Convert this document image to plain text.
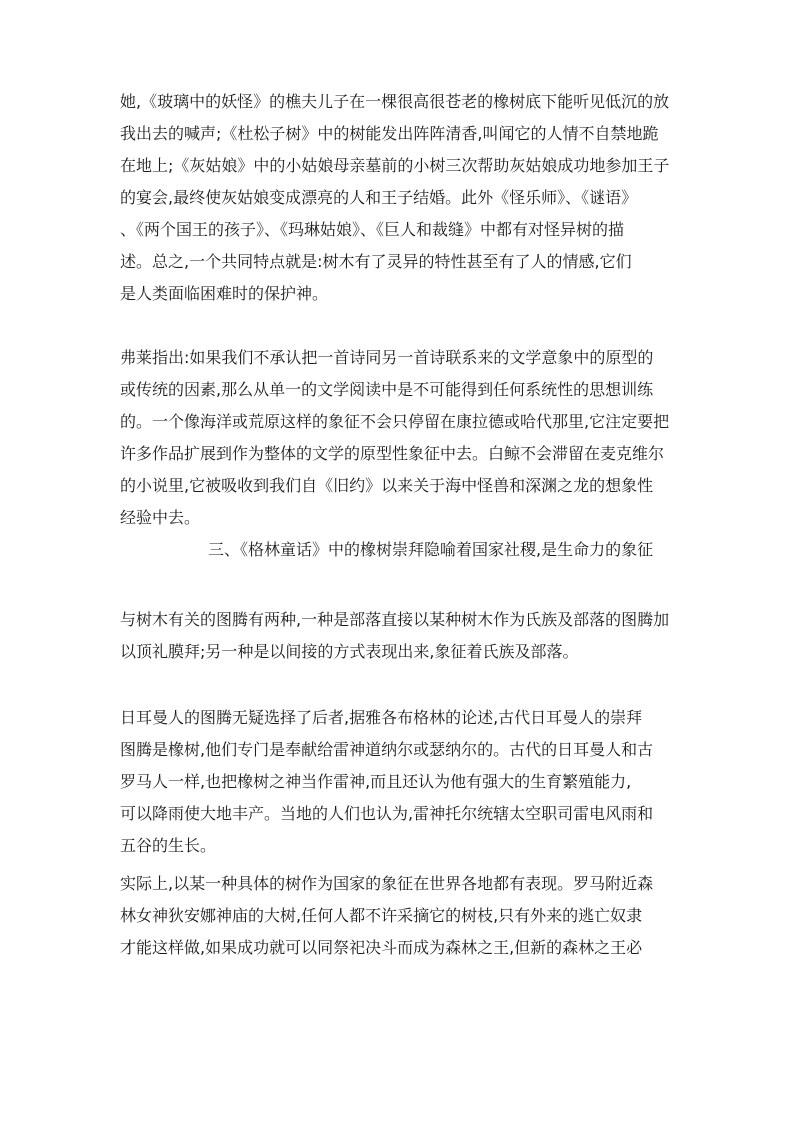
她,《玻璃中的妖怪》的樵夫儿子在一棵很高很苍老的橡树底下能听见低沉的放
我出去的喊声;《杜松子树》中的树能发出阵阵清香,叫闻它的人情不自禁地跪
在地上;《灰姑娘》中的小姑娘母亲墓前的小树三次帮助灰姑娘成功地参加王子
的宴会,最终使灰姑娘变成漂亮的人和王子结婚。此外《怪乐师》、《谜语》
、《两个国王的孩子》、《玛琳姑娘》、《巨人和裁缝》中都有对怪异树的描
述。总之,一个共同特点就是:树木有了灵异的特性甚至有了人的情感,它们
是人类面临困难时的保护神。
弗莱指出:如果我们不承认把一首诗同另一首诗联系来的文学意象中的原型的
或传统的因素,那么从单一的文学阅读中是不可能得到任何系统性的思想训练
的。一个像海洋或荒原这样的象征不会只停留在康拉德或哈代那里,它注定要把
许多作品扩展到作为整体的文学的原型性象征中去。白鲸不会滞留在麦克维尔
的小说里,它被吸收到我们自《旧约》以来关于海中怪兽和深渊之龙的想象性
经验中去。
三、《格林童话》中的橡树崇拜隐喻着国家社稷,是生命力的象征
与树木有关的图腾有两种,一种是部落直接以某种树木作为氏族及部落的图腾加
以顶礼膜拜;另一种是以间接的方式表现出来,象征着氏族及部落。
日耳曼人的图腾无疑选择了后者,据雅各布格林的论述,古代日耳曼人的崇拜
图腾是橡树,他们专门是奉献给雷神道纳尔或瑟纳尔的。古代的日耳曼人和古
罗马人一样,也把橡树之神当作雷神,而且还认为他有强大的生育繁殖能力,
可以降雨使大地丰产。当地的人们也认为,雷神托尔统辖太空职司雷电风雨和
五谷的生长。
实际上,以某一种具体的树作为国家的象征在世界各地都有表现。罗马附近森
林女神狄安娜神庙的大树,任何人都不许采摘它的树枝,只有外来的逃亡奴隶
才能这样做,如果成功就可以同祭祀决斗而成为森林之王,但新的森林之王必
